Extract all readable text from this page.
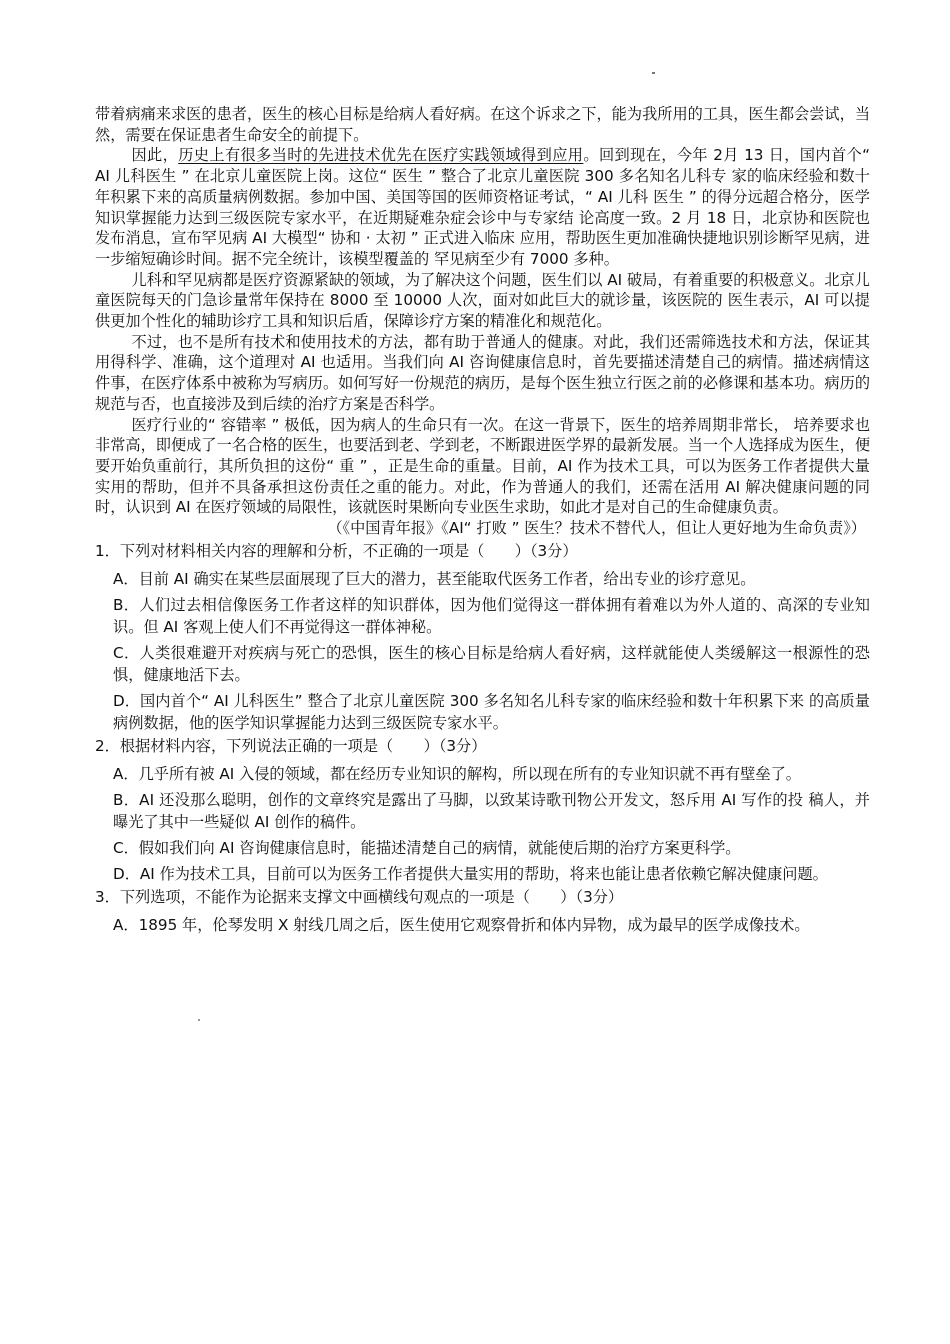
带着病痛来求医的患者，医生的核心目标是给病人看好病。在这个诉求之下，能为我所用的工具，医生都会尝试，当然，需要在保证患者生命安全的前提下。

因此，历史上有很多当时的先进技术优先在医疗实践领域得到应用。回到现在，今年 2月 13 日，国内首个“ AI 儿科医生 ” 在北京儿童医院上岗。这位“ 医生 ” 整合了北京儿童医院 300 多名知名儿科专 家的临床经验和数十年积累下来的高质量病例数据。参加中国、美国等国的医师资格证考试，“ AI 儿科 医生 ” 的得分远超合格分，医学知识掌握能力达到三级医院专家水平，在近期疑难杂症会诊中与专家结 论高度一致。2 月 18 日，北京协和医院也发布消息，宣布罕见病 AI 大模型“ 协和 · 太初 ” 正式进入临床 应用，帮助医生更加准确快捷地识别诊断罕见病，进一步缩短确诊时间。据不完全统计，该模型覆盖的 罕见病至少有 7000 多种。

儿科和罕见病都是医疗资源紧缺的领域，为了解决这个问题，医生们以 AI 破局，有着重要的积极意义。北京儿童医院每天的门急诊量常年保持在 8000 至 10000 人次，面对如此巨大的就诊量，该医院的 医生表示，AI 可以提供更加个性化的辅助诊疗工具和知识后盾，保障诊疗方案的精准化和规范化。

不过，也不是所有技术和使用技术的方法，都有助于普通人的健康。对此，我们还需筛选技术和方法，保证其用得科学、准确，这个道理对 AI 也适用。当我们向 AI 咨询健康信息时，首先要描述清楚自己的病情。描述病情这件事，在医疗体系中被称为写病历。如何写好一份规范的病历，是每个医生独立行医之前的必修课和基本功。病历的规范与否，也直接涉及到后续的治疗方案是否科学。

医疗行业的“ 容错率 ” 极低，因为病人的生命只有一次。在这一背景下，医生的培养周期非常长， 培养要求也非常高，即便成了一名合格的医生，也要活到老、学到老，不断跟进医学界的最新发展。当一个人选择成为医生，便要开始负重前行，其所负担的这份“ 重 ” ，正是生命的重量。目前，AI 作为技术工具，可以为医务工作者提供大量实用的帮助，但并不具备承担这份责任之重的能力。对此，作为普通人的我们，还需在活用 AI 解决健康问题的同时，认识到 AI 在医疗领域的局限性，该就医时果断向专业医生求助，如此才是对自己的生命健康负责。

（《中国青年报》《AI“ 打败 ” 医生？技术不替代人，但让人更好地为生命负责》）

1．下列对材料相关内容的理解和分析，不正确的一项是（　　）（3分）

A．目前 AI 确实在某些层面展现了巨大的潜力，甚至能取代医务工作者，给出专业的诊疗意见。

B．人们过去相信像医务工作者这样的知识群体，因为他们觉得这一群体拥有着难以为外人道的、高深的专业知识。但 AI 客观上使人们不再觉得这一群体神秘。

C．人类很难避开对疾病与死亡的恐惧，医生的核心目标是给病人看好病，这样就能使人类缓解这一根源性的恐惧，健康地活下去。

D．国内首个“ AI 儿科医生” 整合了北京儿童医院 300 多名知名儿科专家的临床经验和数十年积累下来 的高质量病例数据，他的医学知识掌握能力达到三级医院专家水平。

2．根据材料内容，下列说法正确的一项是（　　）（3分）

A．几乎所有被 AI 入侵的领域，都在经历专业知识的解构，所以现在所有的专业知识就不再有壁垒了。

B．AI 还没那么聪明，创作的文章终究是露出了马脚，以致某诗歌刊物公开发文，怒斥用 AI 写作的投 稿人，并曝光了其中一些疑似 AI 创作的稿件。

C．假如我们向 AI 咨询健康信息时，能描述清楚自己的病情，就能使后期的治疗方案更科学。

D．AI 作为技术工具，目前可以为医务工作者提供大量实用的帮助，将来也能让患者依赖它解决健康问题。

3．下列选项，不能作为论据来支撑文中画横线句观点的一项是（　　）（3分）

A．1895 年，伦琴发明 X 射线几周之后，医生使用它观察骨折和体内异物，成为最早的医学成像技术。
